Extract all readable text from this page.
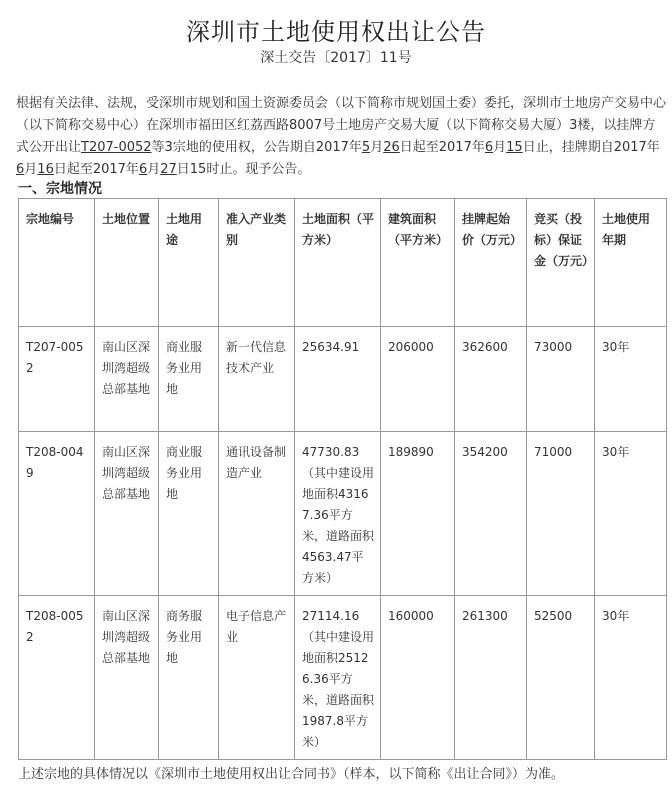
深圳市土地使用权出让公告
深土交告〔2017〕11号

根据有关法律、法规，受深圳市规划和国土资源委员会（以下简称市规划国土委）委托，深圳市土地房产交易中心（以下简称交易中心）在深圳市福田区红荔西路8007号土地房产交易大厦（以下简称交易大厦）3楼，以挂牌方式公开出让T207-0052等3宗地的使用权，公告期自2017年5月26日起至2017年6月15日止，挂牌期自2017年6月16日起至2017年6月27日15时止。现予公告。

一、宗地情况
宗地编号	土地位置	土地用途	准入产业类别	土地面积（平方米）	建筑面积（平方米）	挂牌起始价（万元）	竞买（投标）保证金（万元）	土地使用年期
T207-0052	南山区深圳湾超级总部基地	商业服务业用地	新一代信息技术产业	25634.91	206000	362600	73000	30年
T208-0049	南山区深圳湾超级总部基地	商业服务业用地	通讯设备制造产业	47730.83（其中建设用地面积43167.36平方米，道路面积4563.47平方米）	189890	354200	71000	30年
T208-0052	南山区深圳湾超级总部基地	商务服务业用地	电子信息产业	27114.16（其中建设用地面积25126.36平方米，道路面积1987.8平方米）	160000	261300	52500	30年

上述宗地的具体情况以《深圳市土地使用权出让合同书》（样本，以下简称《出让合同》）为准。
